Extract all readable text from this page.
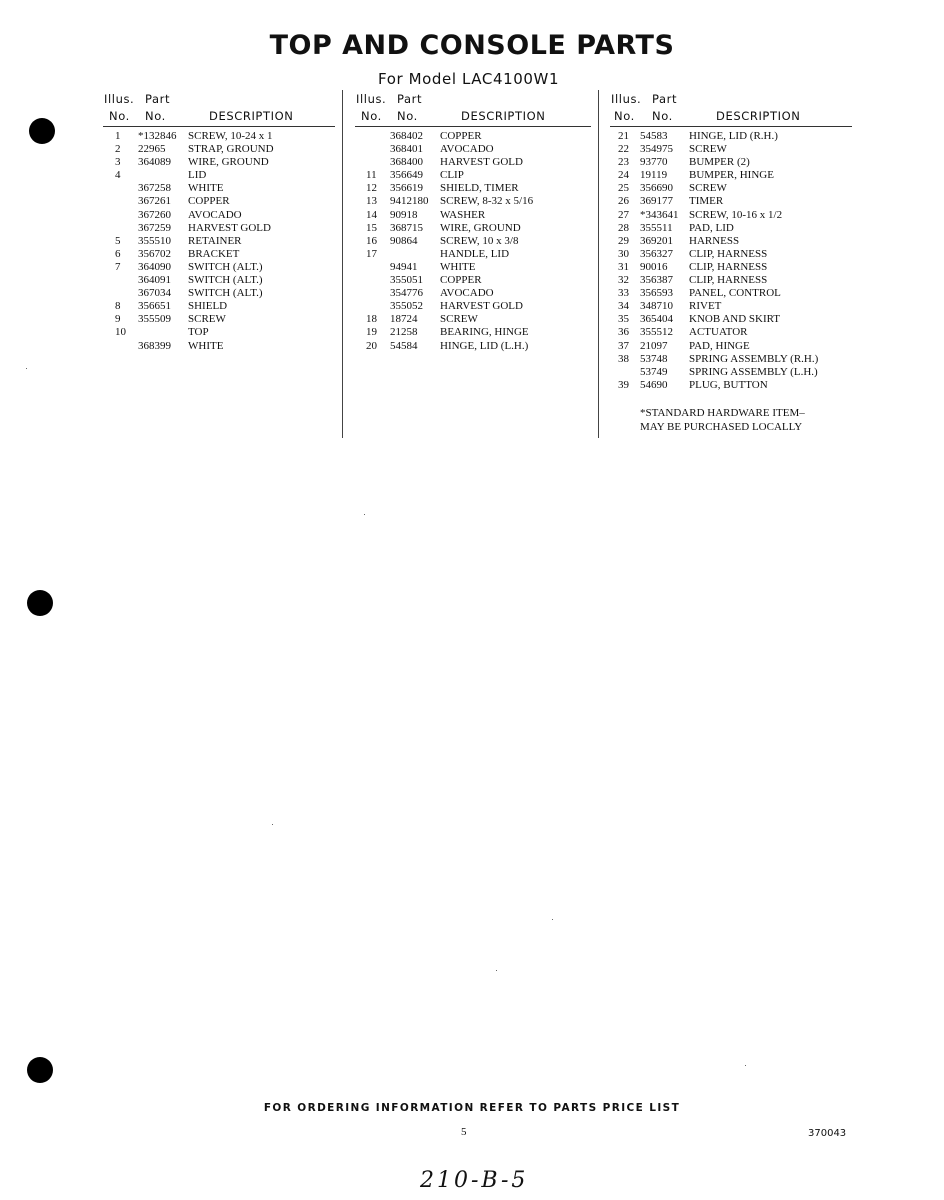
TOP AND CONSOLE PARTS
For Model LAC4100W1
Illus. Part
No. No.	DESCRIPTION
1 *132846 SCREW, 10-24 x 1
2 22965 STRAP, GROUND
3 364089 WIRE, GROUND
4	LID
367258 WHITE
367261 COPPER
367260 AVOCADO
367259 HARVEST GOLD
5 355510 RETAINER
6 356702 BRACKET
7 364090 SWITCH (ALT.)
364091 SWITCH (ALT.)
367034 SWITCH (ALT.)
8 356651 SHIELD
9 355509 SCREW
10	TOP
368399 WHITE
Illus. Part
No. No.	DESCRIPTION
368402 COPPER
368401 AVOCADO
368400 HARVEST GOLD
11 356649 CLIP
12 356619 SHIELD, TIMER
13 9412180 SCREW, 8-32 x 5/16
14 90918 WASHER
15 368715 WIRE, GROUND
16 90864 SCREW, 10 x 3/8
17	HANDLE, LID
94941 WHITE
355051 COPPER
354776 AVOCADO
355052 HARVEST GOLD
18 18724 SCREW
19 21258 BEARING, HINGE
20 54584 HINGE, LID (L.H.)
Illus. Part
No. No.	DESCRIPTION
21 54583 HINGE, LID (R.H.)
22 354975 SCREW
23 93770 BUMPER (2)
24 19119 BUMPER, HINGE
25 356690 SCREW
26 369177 TIMER
27 *343641 SCREW, 10-16 x 1/2
28 355511 PAD, LID
29 369201 HARNESS
30 356327 CLIP, HARNESS
31 90016 CLIP, HARNESS
32 356387 CLIP, HARNESS
33 356593 PANEL, CONTROL
34 348710 RIVET
35 365404 KNOB AND SKIRT
36 355512 ACTUATOR
37 21097 PAD, HINGE
38 53748 SPRING ASSEMBLY (R.H.)
53749 SPRING ASSEMBLY (L.H.)
39 54690 PLUG, BUTTON
*STANDARD HARDWARE ITEM–
MAY BE PURCHASED LOCALLY
FOR ORDERING INFORMATION REFER TO PARTS PRICE LIST
5	370043
210-B-5
